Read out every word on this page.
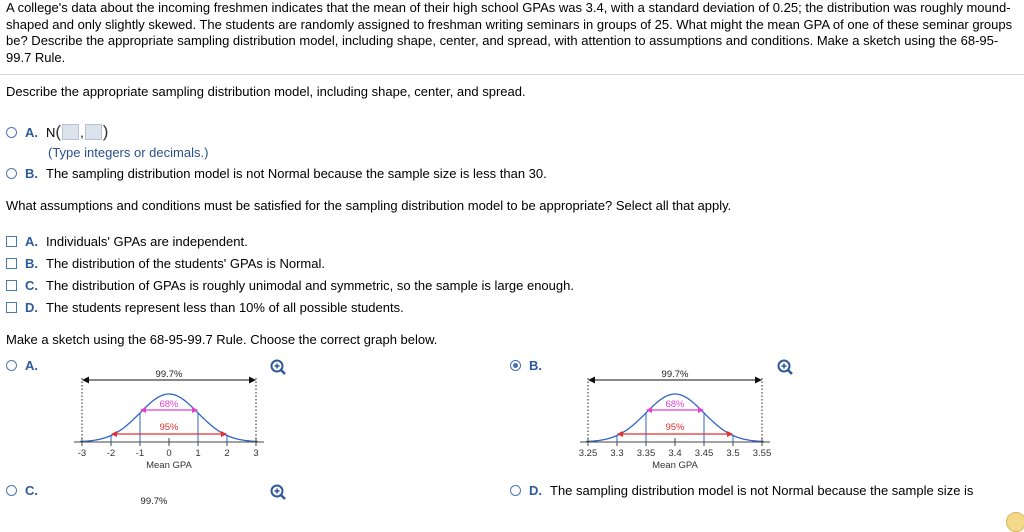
A college's data about the incoming freshmen indicates that the mean of their high school GPAs was 3.4, with a standard deviation of 0.25; the distribution was roughly mound-shaped and only slightly skewed. The students are randomly assigned to freshman writing seminars in groups of 25. What might the mean GPA of one of these seminar groups be? Describe the appropriate sampling distribution model, including shape, center, and spread, with attention to assumptions and conditions. Make a sketch using the 68-95-99.7 Rule.
Describe the appropriate sampling distribution model, including shape, center, and spread.
A. N ( , )
(Type integers or decimals.)
B. The sampling distribution model is not Normal because the sample size is less than 30.
What assumptions and conditions must be satisfied for the sampling distribution model to be appropriate? Select all that apply.
A. Individuals' GPAs are independent.
B. The distribution of the students' GPAs is Normal.
C. The distribution of GPAs is roughly unimodal and symmetric, so the sample is large enough.
D. The students represent less than 10% of all possible students.
Make a sketch using the 68-95-99.7 Rule. Choose the correct graph below.
A.	B.
C.	D. The sampling distribution model is not Normal because the sample size is
-3 -2 -1 0 1 2 3
99.7%
68%
95%
Mean GPA
3.25 3.3 3.35 3.4 3.45 3.5 3.55
99.7%
68%
95%
Mean GPA
99.7%
